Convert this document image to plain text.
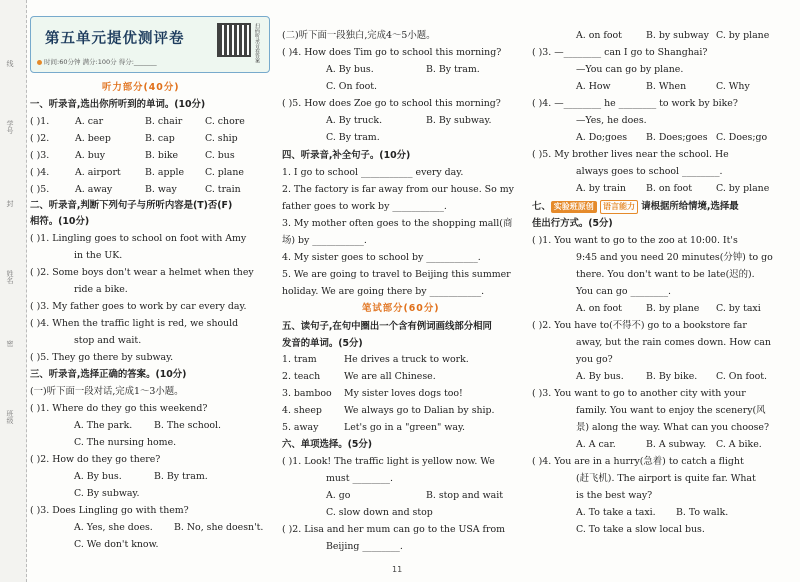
线
学号
封
姓名
密
班级
第五单元提优测评卷
时间:60分钟 满分:100分 得分:_______	扫码听录音看答案
听力部分(40分)
一、听录音,选出你所听到的单词。(10分)
( )1.	A. car	B. chair C. chore
( )2.	A. beep	B. cap	C. ship
( )3.	A. buy	B. bike	C. bus
( )4.	A. airport	B. apple C. plane
( )5.	A. away	B. way	C. train
二、听录音,判断下列句子与所听内容是(T)否(F)
相符。(10分)
( )1. Lingling goes to school on foot with Amy
in the UK.
( )2. Some boys don't wear a helmet when they
ride a bike.
( )3. My father goes to work by car every day.
( )4. When the traffic light is red, we should
stop and wait.
( )5. They go there by subway.
三、听录音,选择正确的答案。(10分)
(一)听下面一段对话,完成1～3小题。
( )1. Where do they go this weekend?
A. The park. B. The school.
C. The nursing home.
( )2. How do they go there?
A. By bus.	B. By tram.
C. By subway.
( )3. Does Lingling go with them?
A. Yes, she does. B. No, she doesn't.
C. We don't know.
(二)听下面一段独白,完成4～5小题。
( )4. How does Tim go to school this morning?
A. By bus.	B. By tram.
C. On foot.
( )5. How does Zoe go to school this morning?
A. By truck.	B. By subway.
C. By tram.
四、听录音,补全句子。(10分)
1. I go to school ___________ every day.
2. The factory is far away from our house. So my
father goes to work by ___________.
3. My mother often goes to the shopping mall(商
场) by ___________.
4. My sister goes to school by ___________.
5. We are going to travel to Beijing this summer
holiday. We are going there by ___________.
笔试部分(60分)
五、读句子,在句中圈出一个含有例词画线部分相同
发音的单词。(5分)
1. tram	He drives a truck to work.
2. teach	We are all Chinese.
3. bamboo My sister loves dogs too!
4. sheep We always go to Dalian by ship.
5. away	Let's go in a "green" way.
六、单项选择。(5分)
( )1. Look! The traffic light is yellow now. We
must ________.
A. go	B. stop and wait
C. slow down and stop
( )2. Lisa and her mum can go to the USA from
Beijing ________.
A. on foot	B. by subway C. by plane
( )3. —________ can I go to Shanghai?
—You can go by plane.
A. How	B. When	C. Why
( )4. —________ he ________ to work by bike?
—Yes, he does.
A. Do;goes B. Does;goes C. Does;go
( )5. My brother lives near the school. He
always goes to school ________.
A. by train B. on foot	C. by plane
七、 实验班原创 语言能力 请根据所给情境,选择最
佳出行方式。(5分)
( )1. You want to go to the zoo at 10:00. It's
9:45 and you need 20 minutes(分钟) to go
there. You don't want to be late(迟的).
You can go ________.
A. on foot	B. by plane C. by taxi
( )2. You have to(不得不) go to a bookstore far
away, but the rain comes down. How can
you go?
A. By bus. B. By bike. C. On foot.
( )3. You want to go to another city with your
family. You want to enjoy the scenery(风
景) along the way. What can you choose?
A. A car.	B. A subway. C. A bike.
( )4. You are in a hurry(急着) to catch a flight
(赶飞机). The airport is quite far. What
is the best way?
A. To take a taxi. B. To walk.
C. To take a slow local bus.
11
